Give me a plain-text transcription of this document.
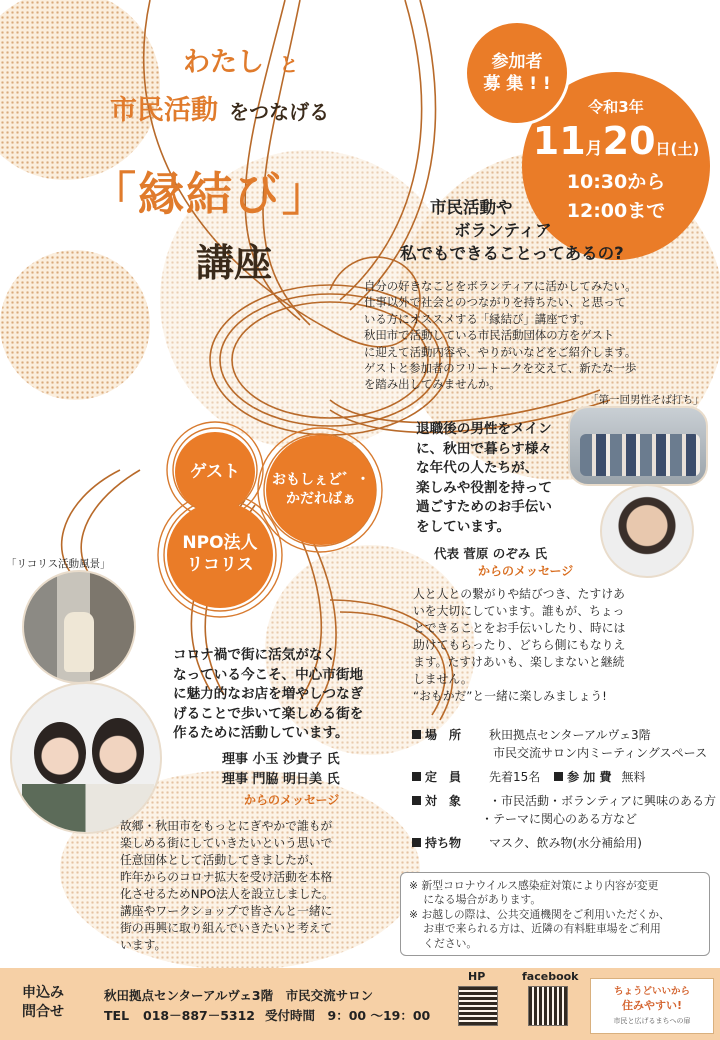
ゲスト	おもしぇど゛・
かだればぁ
NPO法人
リコリス
わたし と
市民活動 をつなげる
「縁結び」
講座
令和3年
11月20日(土)
10:30から
12:00まで
参加者
募 集 ! !
市民活動や
ボランティア
私でもできることってあるの?
自分の好きなことをボランティアに活かしてみたい。
仕事以外で社会とのつながりを持ちたい、と思って
いる方にオススメする「縁結び」講座です。
秋田市で活動している市民活動団体の方をゲスト
に迎えて活動内容や、やりがいなどをご紹介します。
ゲストと参加者のフリートークを交えて、新たな一歩
を踏み出してみませんか。
「第一回男性そば打ち」
退職後の男性をメイン
に、秋田で暮らす様々
な年代の人たちが、
楽しみや役割を持って
過ごすためのお手伝い
をしています。
代表 菅原 のぞみ 氏
からのメッセージ
人と人との繋がりや結びつき、たすけあ
いを大切にしています。誰もが、ちょっ
とできることをお手伝いしたり、時には
助けてもらったり、どちら側にもなりえ
ます。たすけあいも、楽しまないと継続
しません。
“おもかだ”と一緒に楽しみましょう!
「リコリス活動風景」
コロナ禍で街に活気がなく
なっている今こそ、中心市街地
に魅力的なお店を増やしつなぎ
げることで歩いて楽しめる街を
作るために活動しています。
理事 小玉 沙貴子 氏
理事 門脇 明日美 氏
からのメッセージ
故郷・秋田市をもっとにぎやかで誰もが
楽しめる街にしていきたいという思いで
任意団体として活動してきましたが、
昨年からのコロナ拡大を受け活動を本格
化させるためNPO法人を設立しました。
講座やワークショップで皆さんと一緒に
街の再興に取り組んでいきたいと考えて
います。
場　所 秋田拠点センターアルヴェ3階
市民交流サロン内ミーティングスペース
定　員 先着15名 参 加 費 無料
対　象 ・市民活動・ボランティアに興味のある方
・テーマに関心のある方など
持ち物 マスク、飲み物(水分補給用)
※ 新型コロナウイルス感染症対策により内容が変更
　 になる場合があります。
※ お越しの際は、公共交通機関をご利用いただくか、
　 お車で来られる方は、近隣の有料駐車場をご利用
　 ください。
申込み
問合せ
秋田拠点センターアルヴェ3階　市民交流サロン
TEL 018－887－5312 受付時間　9：00 ～19：00
HP	facebook
ちょうどいいから
住みやすい!
市民と広げるまちへの扉
